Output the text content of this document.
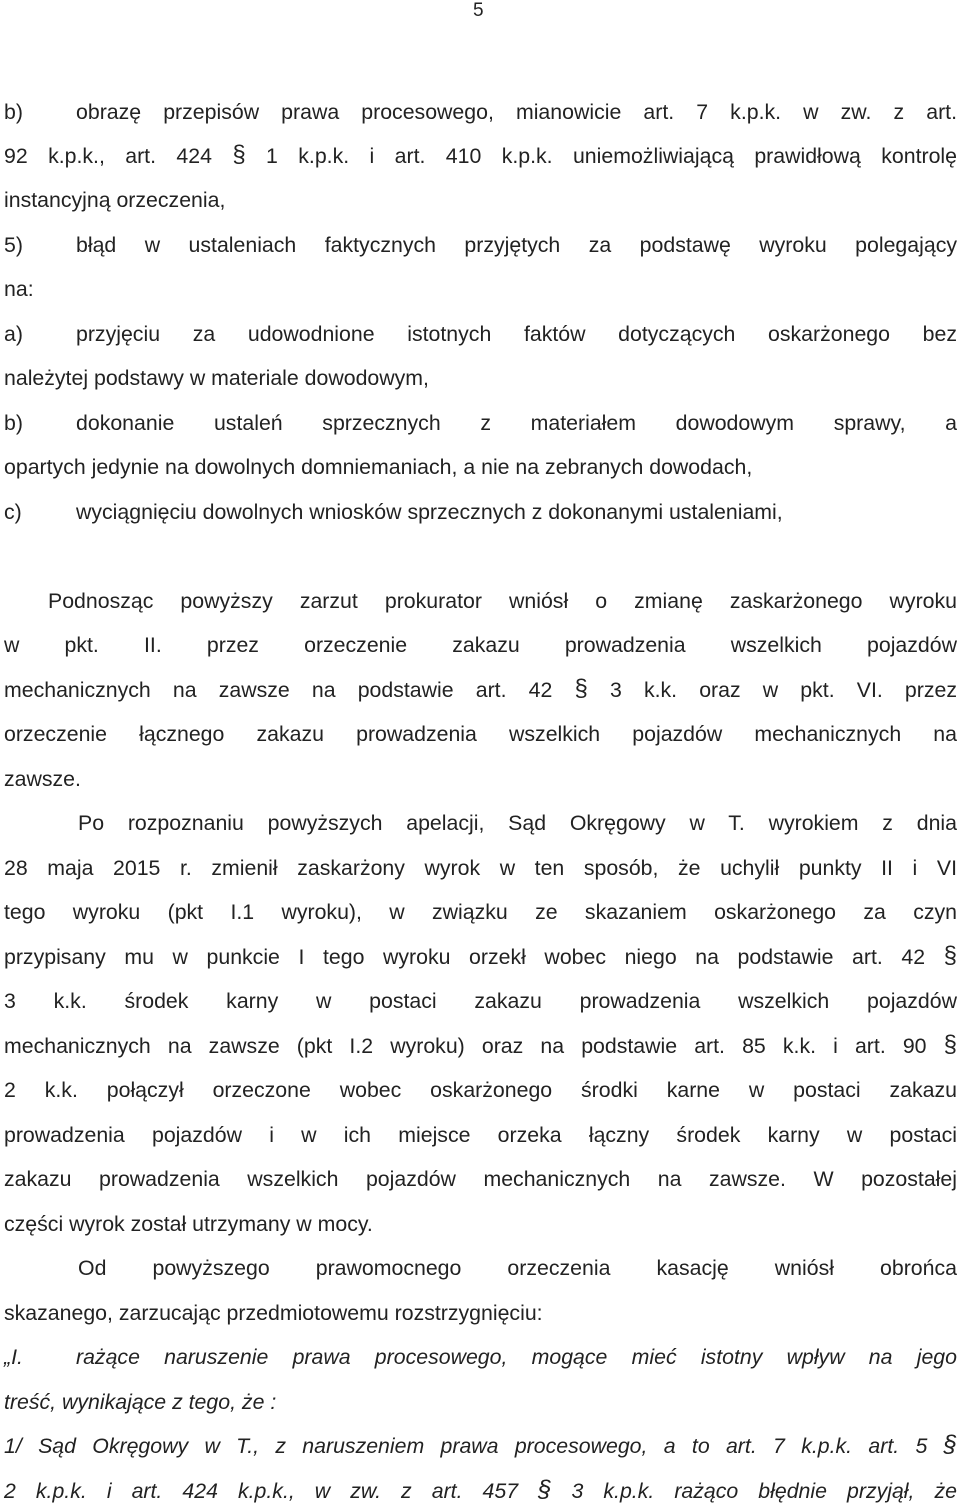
5
b) obrazę przepisów prawa procesowego, mianowicie art. 7 k.p.k. w zw. z art.
92 k.p.k., art. 424 § 1 k.p.k. i art. 410 k.p.k. uniemożliwiającą prawidłową kontrolę
instancyjną orzeczenia,
5) błąd w ustaleniach faktycznych przyjętych za podstawę wyroku polegający
na:
a) przyjęciu za udowodnione istotnych faktów dotyczących oskarżonego bez
należytej podstawy w materiale dowodowym,
b) dokonanie ustaleń sprzecznych z materiałem dowodowym sprawy, a
opartych jedynie na dowolnych domniemaniach, a nie na zebranych dowodach,
c)	wyciągnięciu dowolnych wniosków sprzecznych z dokonanymi ustaleniami,
Podnosząc powyższy zarzut prokurator wniósł o zmianę zaskarżonego wyroku
w pkt. II. przez orzeczenie zakazu prowadzenia wszelkich pojazdów
mechanicznych na zawsze na podstawie art. 42 § 3 k.k. oraz w pkt. VI. przez
orzeczenie łącznego zakazu prowadzenia wszelkich pojazdów mechanicznych na
zawsze.
Po rozpoznaniu powyższych apelacji, Sąd Okręgowy w T. wyrokiem z dnia
28 maja 2015 r. zmienił zaskarżony wyrok w ten sposób, że uchylił punkty II i VI
tego wyroku (pkt I.1 wyroku), w związku ze skazaniem oskarżonego za czyn
przypisany mu w punkcie I tego wyroku orzekł wobec niego na podstawie art. 42 §
3 k.k. środek karny w postaci zakazu prowadzenia wszelkich pojazdów
mechanicznych na zawsze (pkt I.2 wyroku) oraz na podstawie art. 85 k.k. i art. 90 §
2 k.k. połączył orzeczone wobec oskarżonego środki karne w postaci zakazu
prowadzenia pojazdów i w ich miejsce orzeka łączny środek karny w postaci
zakazu prowadzenia wszelkich pojazdów mechanicznych na zawsze. W pozostałej
części wyrok został utrzymany w mocy.
Od powyższego prawomocnego orzeczenia kasację wniósł obrońca
skazanego, zarzucając przedmiotowemu rozstrzygnięciu:
„I. rażące naruszenie prawa procesowego, mogące mieć istotny wpływ na jego
treść, wynikające z tego, że :
1/ Sąd Okręgowy w T., z naruszeniem prawa procesowego, a to art. 7 k.p.k. art. 5 §
2 k.p.k. i art. 424 k.p.k., w zw. z art. 457 § 3 k.p.k. rażąco błędnie przyjął, że
